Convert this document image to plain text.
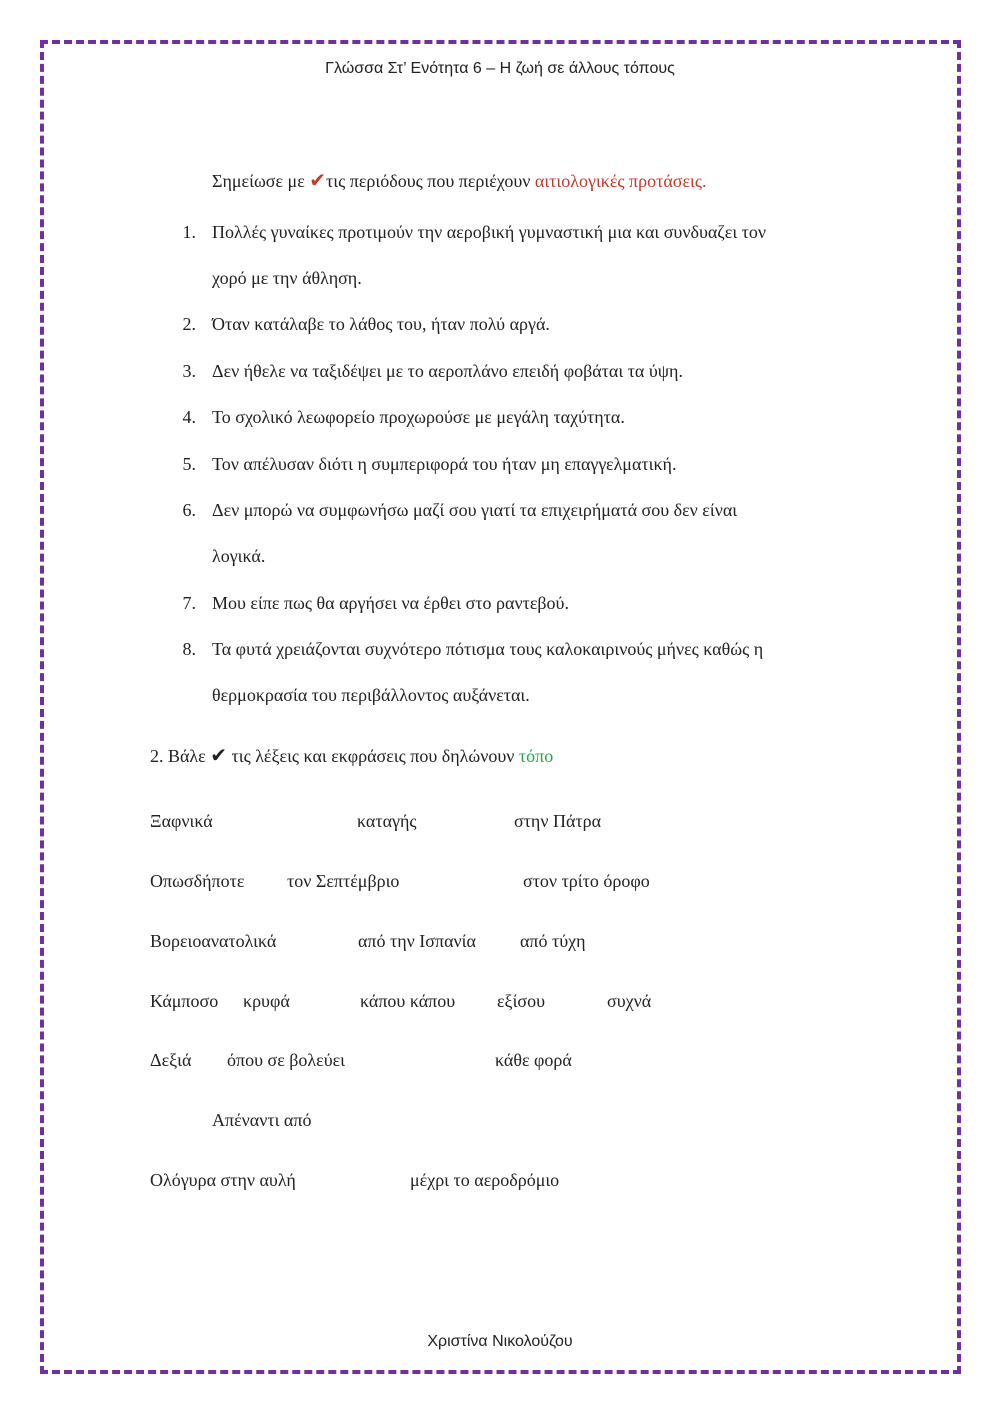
Γλώσσα Στ’ Ενότητα 6 – Η ζωή σε άλλους τόπους
Σημείωσε με ✔τις περιόδους που περιέχουν αιτιολογικές προτάσεις.
1. Πολλές γυναίκες προτιμούν την αεροβική γυμναστική μια και συνδυαζει τον
χορό με την άθληση.
2. Όταν κατάλαβε το λάθος του, ήταν πολύ αργά.
3. Δεν ήθελε να ταξιδέψει με το αεροπλάνο επειδή φοβάται τα ύψη.
4. Το σχολικό λεωφορείο προχωρούσε με μεγάλη ταχύτητα.
5. Τον απέλυσαν διότι η συμπεριφορά του ήταν μη επαγγελματική.
6. Δεν μπορώ να συμφωνήσω μαζί σου γιατί τα επιχειρήματά σου δεν είναι
λογικά.
7. Μου είπε πως θα αργήσει να έρθει στο ραντεβού.
8. Τα φυτά χρειάζονται συχνότερο πότισμα τους καλοκαιρινούς μήνες καθώς η
θερμοκρασία του περιβάλλοντος αυξάνεται.
2. Βάλε ✔ τις λέξεις και εκφράσεις που δηλώνουν τόπο
Ξαφνικά	καταγής	στην Πάτρα
Οπωσδήποτε τον Σεπτέμβριο	στον τρίτο όροφο
Βορειοανατολικά	από την Ισπανία από τύχη
Κάμποσο κρυφά	κάπου κάπου εξίσου	συχνά
Δεξιά όπου σε βολεύει	κάθε φορά
Απέναντι από
Ολόγυρα στην αυλή	μέχρι το αεροδρόμιο
Χριστίνα Νικολούζου
